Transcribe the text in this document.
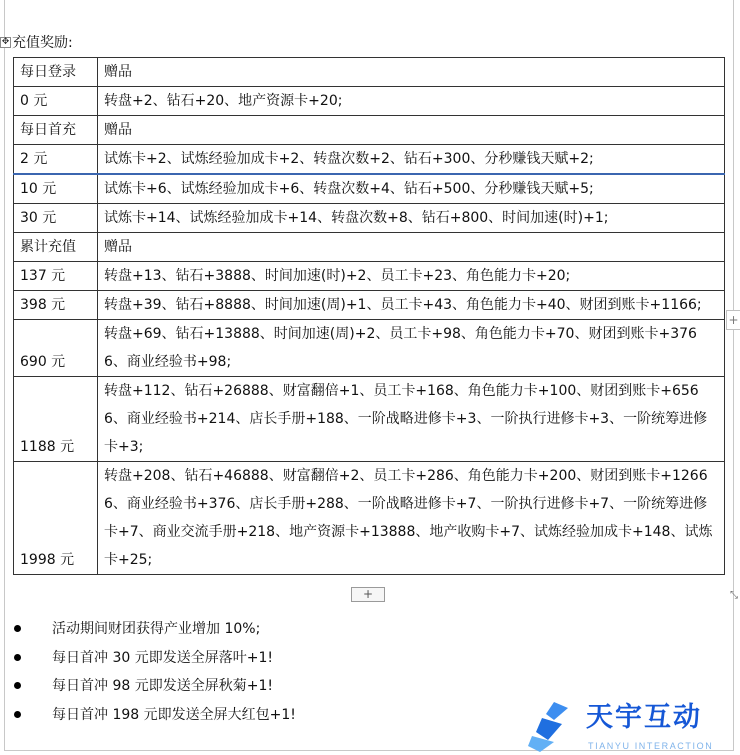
✥ 充值奖励:
每日登录	赠品
0 元	转盘+2、钻石+20、地产资源卡+20;
每日首充	赠品
2 元	试炼卡+2、试炼经验加成卡+2、转盘次数+2、钻石+300、分秒赚钱天赋+2;
10 元	试炼卡+6、试炼经验加成卡+6、转盘次数+4、钻石+500、分秒赚钱天赋+5;
30 元	试炼卡+14、试炼经验加成卡+14、转盘次数+8、钻石+800、时间加速(时)+1;
累计充值	赠品
137 元	转盘+13、钻石+3888、时间加速(时)+2、员工卡+23、角色能力卡+20;
398 元	转盘+39、钻石+8888、时间加速(周)+1、员工卡+43、角色能力卡+40、财团到账卡+1166;
690 元	转盘+69、钻石+13888、时间加速(周)+2、员工卡+98、角色能力卡+70、财团到账卡+3766、商业经验书+98;
1188 元	转盘+112、钻石+26888、财富翻倍+1、员工卡+168、角色能力卡+100、财团到账卡+6566、商业经验书+214、店长手册+188、一阶战略进修卡+3、一阶执行进修卡+3、一阶统筹进修卡+3;
1998 元	转盘+208、钻石+46888、财富翻倍+2、员工卡+286、角色能力卡+200、财团到账卡+12666、商业经验书+376、店长手册+288、一阶战略进修卡+7、一阶执行进修卡+7、一阶统筹进修卡+7、商业交流手册+218、地产资源卡+13888、地产收购卡+7、试炼经验加成卡+148、试炼卡+25;
+
+
⤡
活动期间财团获得产业增加 10%;
每日首冲 30 元即发送全屏落叶+1!
每日首冲 98 元即发送全屏秋菊+1!
每日首冲 198 元即发送全屏大红包+1!	天宇互动
TIANYU INTERACTION
